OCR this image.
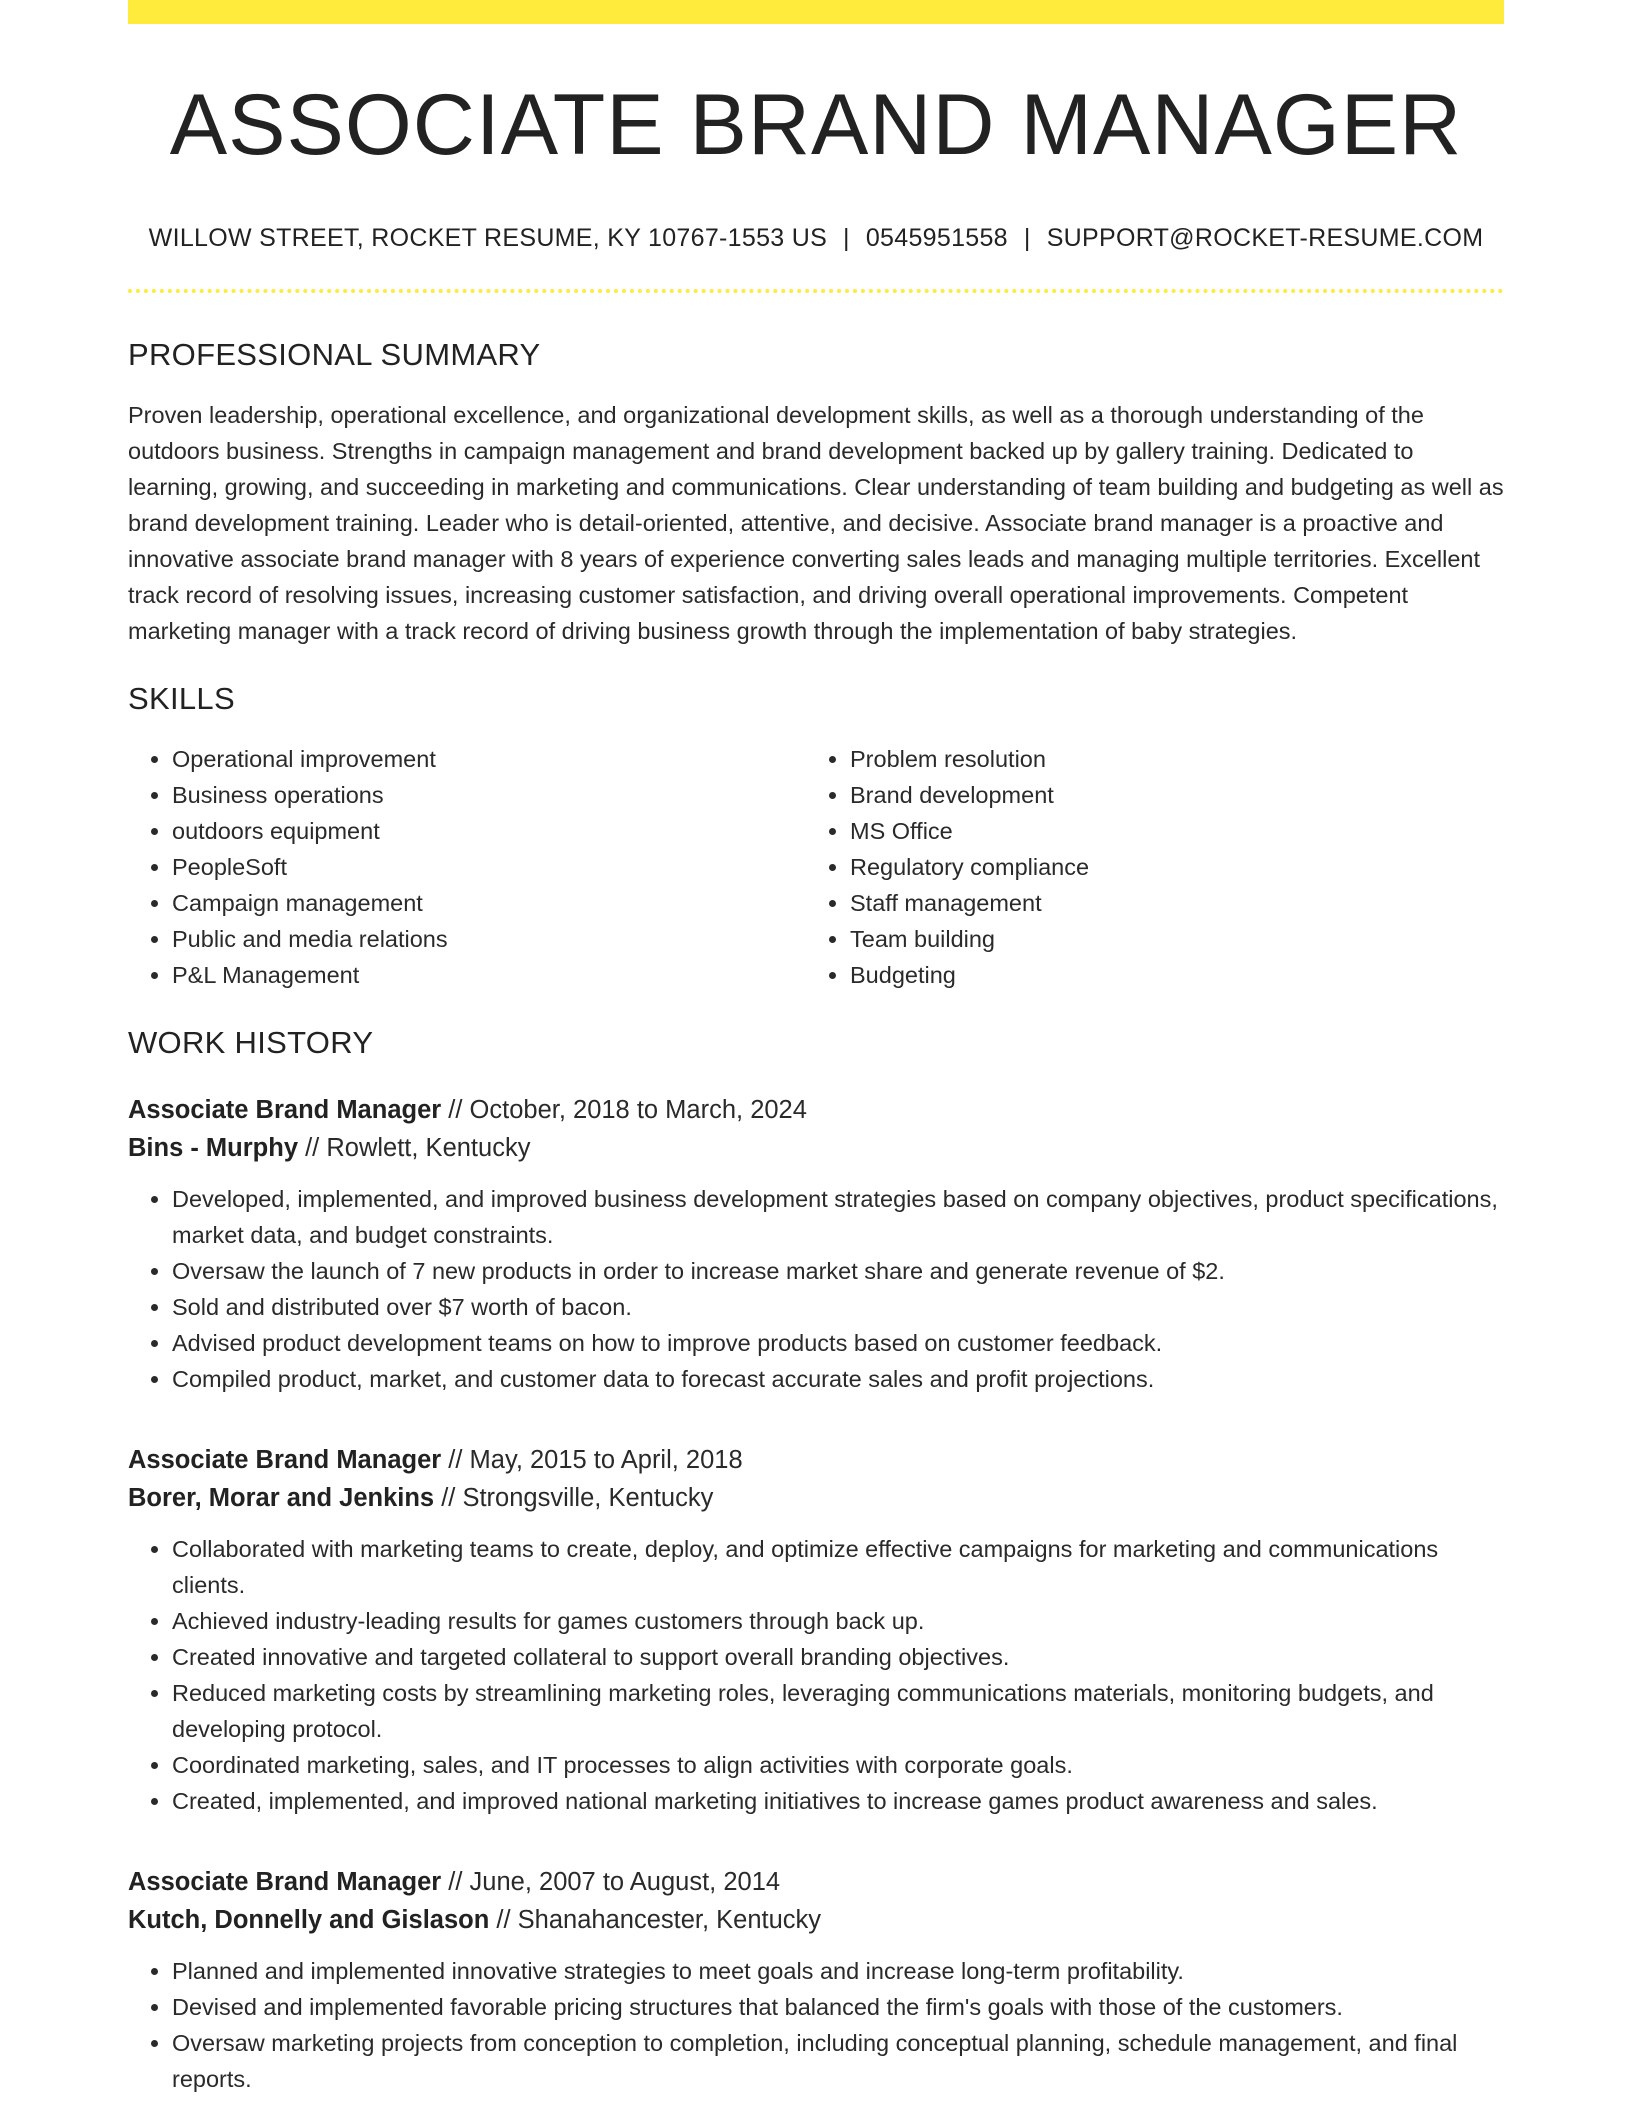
ASSOCIATE BRAND MANAGER
WILLOW STREET, ROCKET RESUME, KY 10767-1553 US | 0545951558 | SUPPORT@ROCKET-RESUME.COM
PROFESSIONAL SUMMARY

Proven leadership, operational excellence, and organizational development skills, as well as a thorough understanding of the outdoors business. Strengths in campaign management and brand development backed up by gallery training. Dedicated to learning, growing, and succeeding in marketing and communications. Clear understanding of team building and budgeting as well as brand development training. Leader who is detail-oriented, attentive, and decisive. Associate brand manager is a proactive and innovative associate brand manager with 8 years of experience converting sales leads and managing multiple territories. Excellent track record of resolving issues, increasing customer satisfaction, and driving overall operational improvements. Competent marketing manager with a track record of driving business growth through the implementation of baby strategies.

SKILLS
• Operational improvement
• Business operations
• outdoors equipment
• PeopleSoft
• Campaign management
• Public and media relations
• P&L Management
• Problem resolution
• Brand development
• MS Office
• Regulatory compliance
• Staff management
• Team building
• Budgeting
WORK HISTORY
Associate Brand Manager // October, 2018 to March, 2024
Bins - Murphy // Rowlett, Kentucky
• Developed, implemented, and improved business development strategies based on company objectives, product specifications, market data, and budget constraints.
• Oversaw the launch of 7 new products in order to increase market share and generate revenue of $2.
• Sold and distributed over $7 worth of bacon.
• Advised product development teams on how to improve products based on customer feedback.
• Compiled product, market, and customer data to forecast accurate sales and profit projections.
Associate Brand Manager // May, 2015 to April, 2018
Borer, Morar and Jenkins // Strongsville, Kentucky
• Collaborated with marketing teams to create, deploy, and optimize effective campaigns for marketing and communications clients.
• Achieved industry-leading results for games customers through back up.
• Created innovative and targeted collateral to support overall branding objectives.
• Reduced marketing costs by streamlining marketing roles, leveraging communications materials, monitoring budgets, and developing protocol.
• Coordinated marketing, sales, and IT processes to align activities with corporate goals.
• Created, implemented, and improved national marketing initiatives to increase games product awareness and sales.
Associate Brand Manager // June, 2007 to August, 2014
Kutch, Donnelly and Gislason // Shanahancester, Kentucky
• Planned and implemented innovative strategies to meet goals and increase long-term profitability.
• Devised and implemented favorable pricing structures that balanced the firm's goals with those of the customers.
• Oversaw marketing projects from conception to completion, including conceptual planning, schedule management, and final reports.
